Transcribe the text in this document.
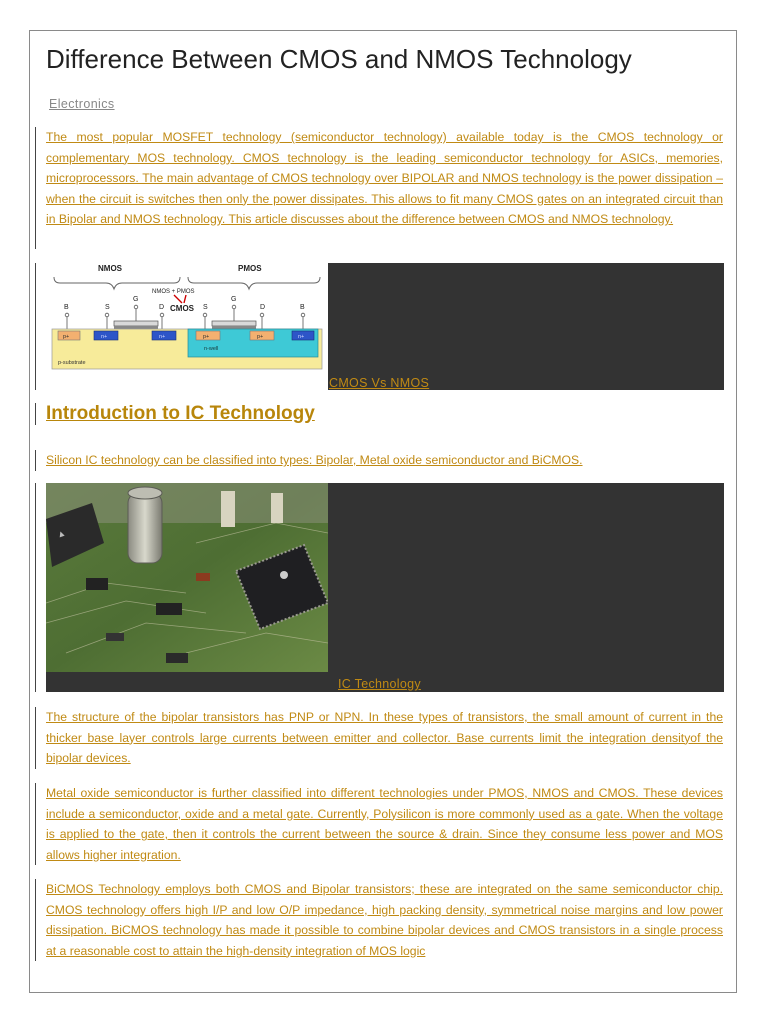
Difference Between CMOS and NMOS Technology
Electronics
The most popular MOSFET technology (semiconductor technology) available today is the CMOS technology or complementary MOS technology. CMOS technology is the leading semiconductor technology for ASICs, memories, microprocessors. The main advantage of CMOS technology over BIPOLAR and NMOS technology is the power dissipation – when the circuit is switches then only the power dissipates. This allows to fit many CMOS gates on an integrated circuit than in Bipolar and NMOS technology. This article discusses about the difference between CMOS and NMOS technology.
NMOS	PMOS
NMOS + PMOS
CMOS
B	S
G
D	S
G
D	B
p+	n+	n+	p+	p+	n+
n-well
p-substrate
CMOS Vs NMOS
Introduction to IC Technology
Silicon IC technology can be classified into types: Bipolar, Metal oxide semiconductor and BiCMOS.
▲
IC Technology
The structure of the bipolar transistors has PNP or NPN. In these types of transistors, the small amount of current in the thicker base layer controls large currents between emitter and collector. Base currents limit the integration densityof the bipolar devices.
Metal oxide semiconductor is further classified into different technologies under PMOS, NMOS and CMOS. These devices include a semiconductor, oxide and a metal gate. Currently, Polysilicon is more commonly used as a gate. When the voltage is applied to the gate, then it controls the current between the source & drain. Since they consume less power and MOS allows higher integration.
BiCMOS Technology employs both CMOS and Bipolar transistors; these are integrated on the same semiconductor chip. CMOS technology offers high I/P and low O/P impedance, high packing density, symmetrical noise margins and low power dissipation. BiCMOS technology has made it possible to combine bipolar devices and CMOS transistors in a single process at a reasonable cost to attain the high-density integration of MOS logic
